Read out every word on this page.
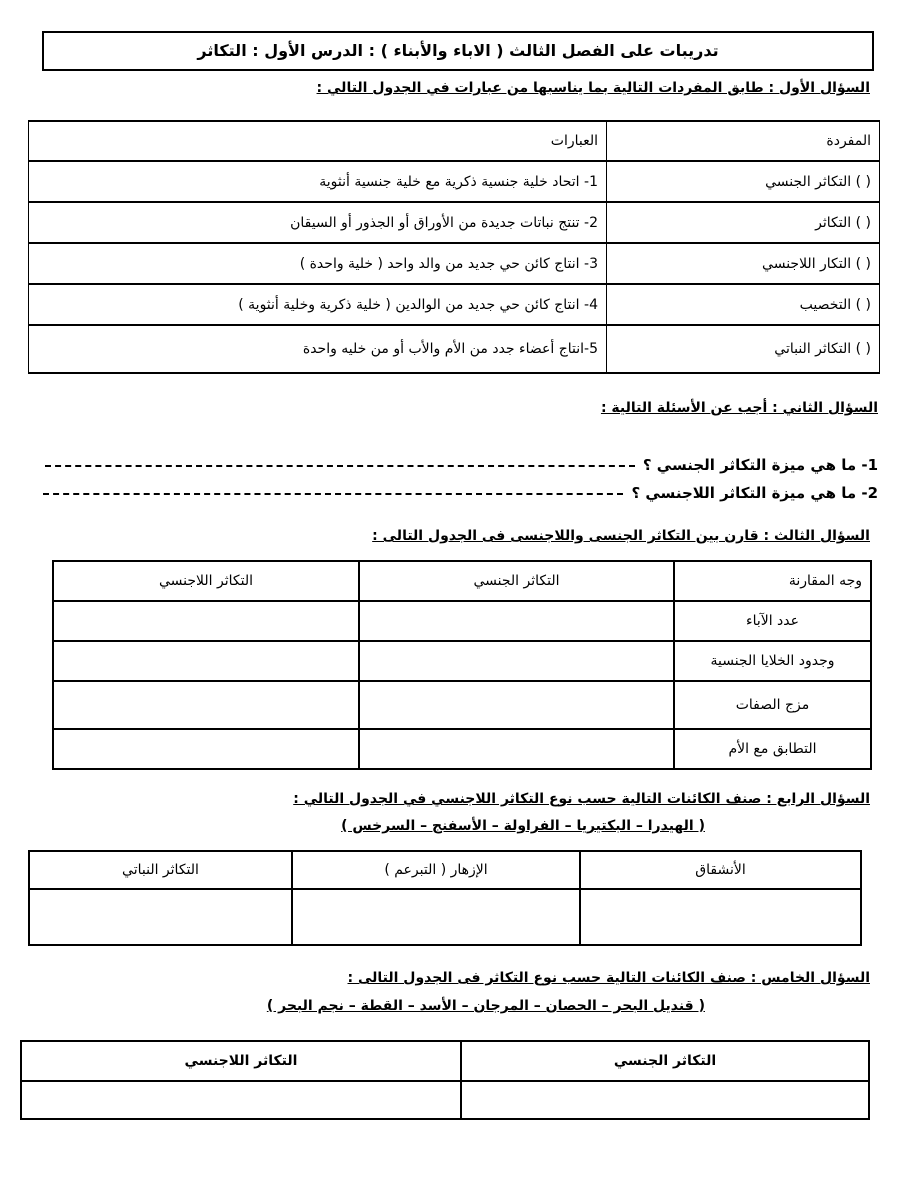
تدريبات على الفصل الثالث ( الاباء والأبناء ) : الدرس الأول : التكاثر
السؤال الأول : طابق المفردات التالية بما يناسبها من عبارات في الجدول التالي :
المفردة	العبارات
( ) التكاثر الجنسي	1- اتحاد خلية جنسية ذكرية مع خلية جنسية أنثوية
( ) التكاثر	2- تنتج نباتات جديدة من الأوراق أو الجذور أو السيقان
( ) التكار اللاجنسي	3- انتاج كائن حي جديد من والد واحد ( خلية واحدة )
( ) التخصيب	4- انتاج كائن حي جديد من الوالدين ( خلية ذكرية وخلية أنثوية )
( ) التكاثر النباتي	5-انتاج أعضاء جدد من الأم والأب أو من خليه واحدة
السؤال الثاني : أجب عن الأسئلة التالية :
1- ما هي ميزة التكاثر الجنسي ؟
2- ما هي ميزة التكاثر اللاجنسي ؟
السؤال الثالث : قارن بين التكاثر الجنسى واللاجنسى فى الجدول التالى :
وجه المقارنة	التكاثر الجنسي	التكاثر اللاجنسي
عدد الآباء		
وجدود الخلايا الجنسية		
مزج الصفات		
التطابق مع الأم		
السؤال الرابع : صنف الكائنات التالية حسب نوع التكاثر اللاجنسي في الجدول التالي :
( الهيدرا – البكتيريا – الفراولة – الأسفنج – السرخس )
الأنشقاق	الإزهار ( التبرعم )	التكاثر النباتي

السؤال الخامس : صنف الكائنات التالية حسب نوع التكاثر فى الجدول التالى :
( قنديل البحر – الحصان – المرجان – الأسد – القطة – نجم البحر )
التكاثر الجنسي	التكاثر اللاجنسي
